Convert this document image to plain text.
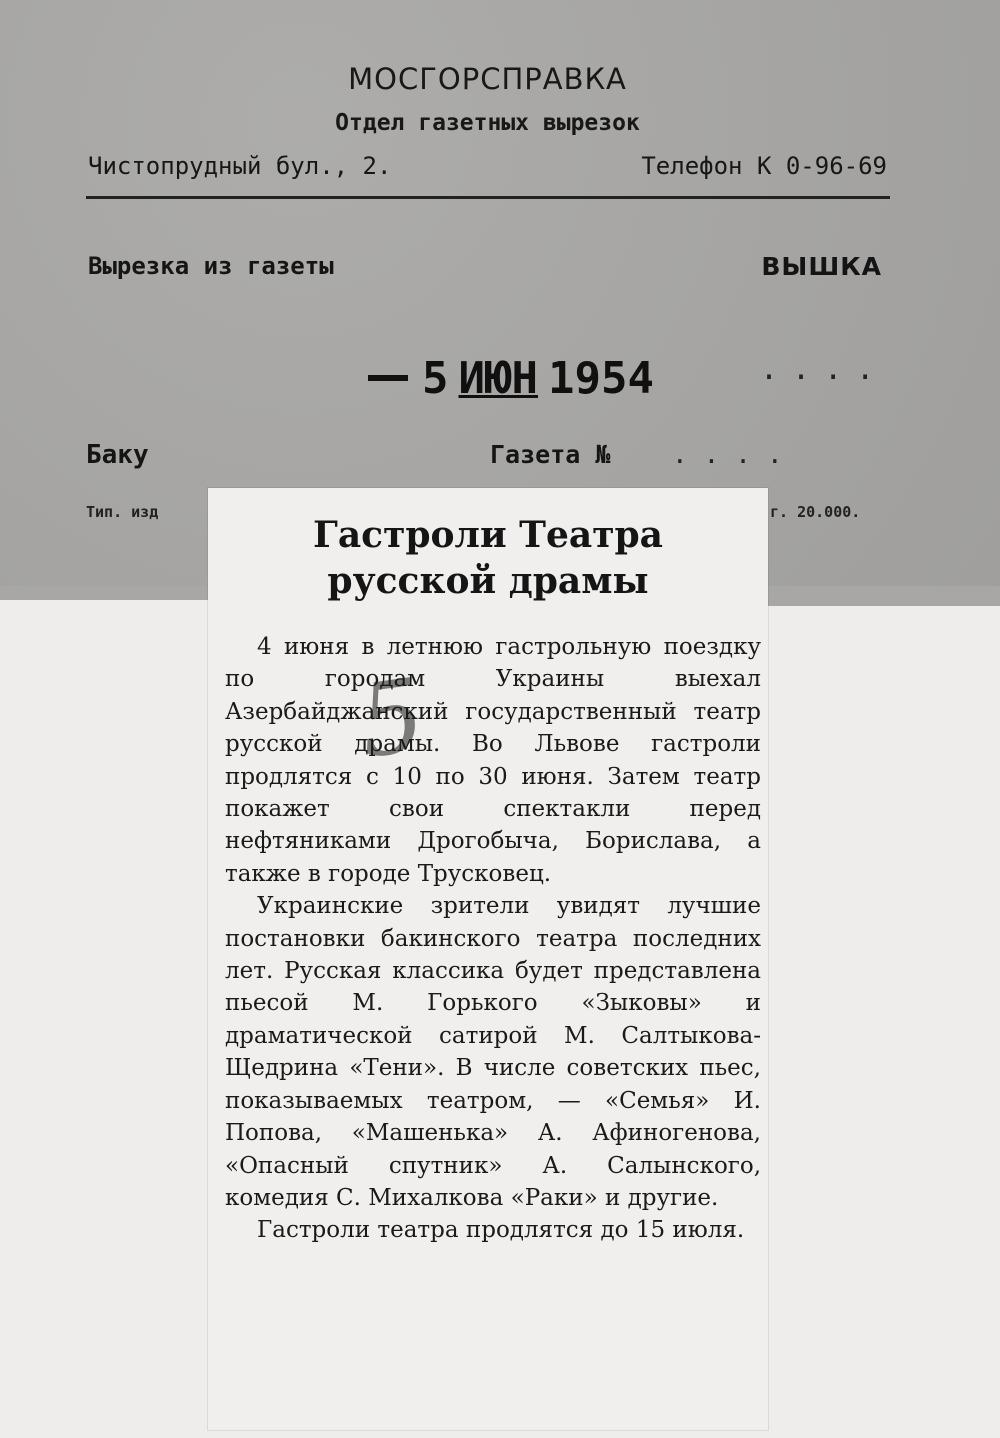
МОСГОРСПРАВКА
Отдел газетных вырезок
Чистопрудный бул., 2.	Телефон К 0-96-69
Вырезка из газеты	ВЫШКА
5 ИЮН 1954	....
Баку	Газета № ....
Тип. изд	г. 20.000.
Гастроли Театра
русской драмы

4 июня в летнюю гастрольную поездку по городам Украины выехал Азербайджанский государственный театр русской драмы. Во Львове гастроли продлятся с 10 по 30 июня. Затем театр покажет свои спектакли перед нефтяниками Дрогобыча, Борислава, а также в городе Трусковец.

Украинские зрители увидят лучшие постановки бакинского театра последних лет. Русская классика будет представлена пьесой М. Горького «Зыковы» и драматической сатирой М. Салтыкова-Щедрина «Тени». В числе советских пьес, показываемых театром, — «Семья» И. Попова, «Машенька» А. Афиногенова, «Опасный спутник» А. Салынского, комедия С. Михалкова «Раки» и другие.

Гастроли театра продлятся до 15 июля.

5
